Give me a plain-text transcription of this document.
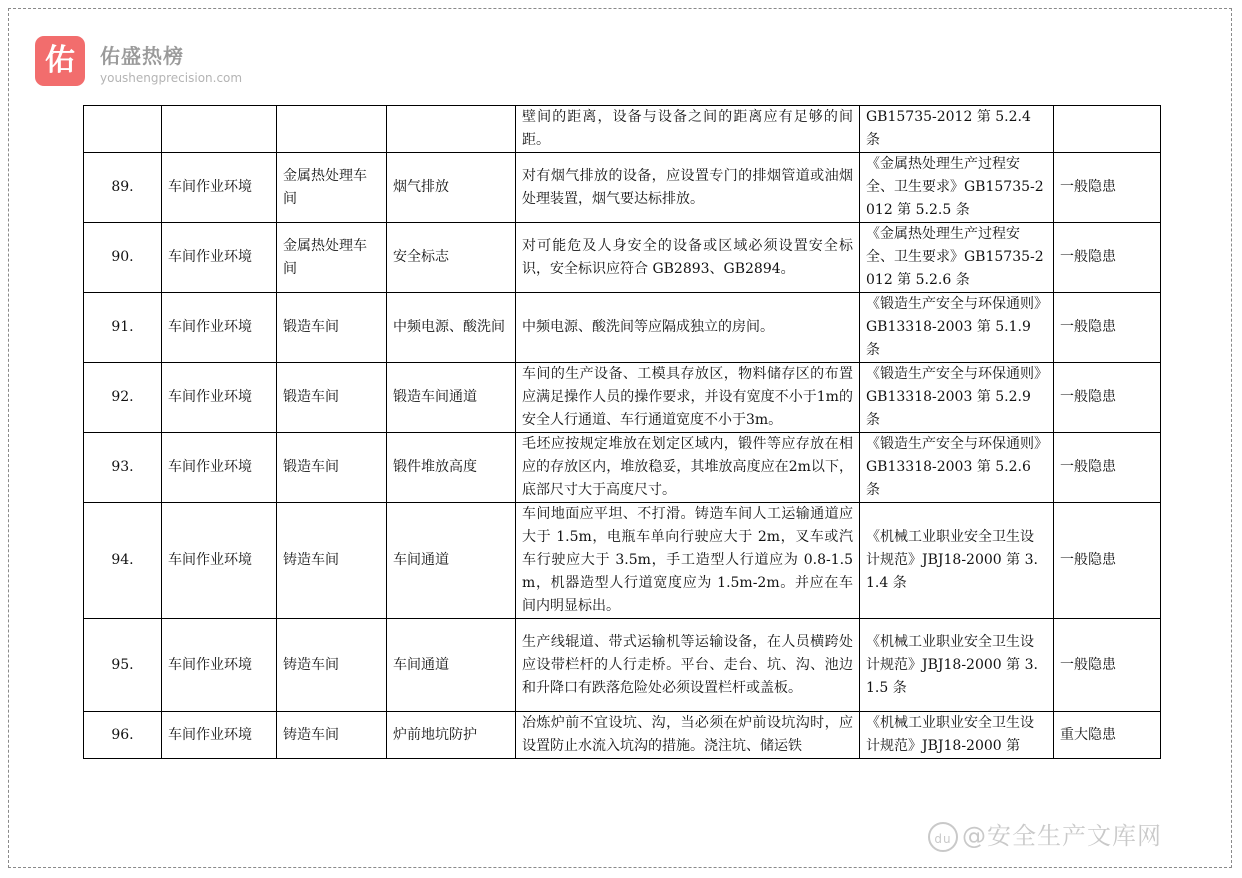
佑	佑盛热榜
youshengprecision.com
				壁间的距离，设备与设备之间的距离应有足够的间距。	GB15735-2012 第 5.2.4 条	
89.	车间作业环境	金属热处理车间	烟气排放	对有烟气排放的设备，应设置专门的排烟管道或油烟处理装置，烟气要达标排放。	《金属热处理生产过程安全、卫生要求》GB15735-2012 第 5.2.5 条	一般隐患
90.	车间作业环境	金属热处理车间	安全标志	对可能危及人身安全的设备或区域必须设置安全标识，安全标识应符合 GB2893、GB2894。	《金属热处理生产过程安全、卫生要求》GB15735-2012 第 5.2.6 条	一般隐患
91.	车间作业环境	锻造车间	中频电源、酸洗间	中频电源、酸洗间等应隔成独立的房间。	《锻造生产安全与环保通则》GB13318-2003 第 5.1.9 条	一般隐患
92.	车间作业环境	锻造车间	锻造车间通道	车间的生产设备、工模具存放区，物料储存区的布置应满足操作人员的操作要求，并设有宽度不小于1m的安全人行通道、车行通道宽度不小于3m。	《锻造生产安全与环保通则》GB13318-2003 第 5.2.9 条	一般隐患
93.	车间作业环境	锻造车间	锻件堆放高度	毛坯应按规定堆放在划定区域内，锻件等应存放在相应的存放区内，堆放稳妥，其堆放高度应在2m以下，底部尺寸大于高度尺寸。	《锻造生产安全与环保通则》GB13318-2003 第 5.2.6 条	一般隐患
94.	车间作业环境	铸造车间	车间通道	车间地面应平坦、不打滑。铸造车间人工运输通道应大于 1.5m，电瓶车单向行驶应大于 2m，叉车或汽车行驶应大于 3.5m，手工造型人行道应为 0.8-1.5m，机器造型人行道宽度应为 1.5m-2m。并应在车间内明显标出。	《机械工业职业安全卫生设计规范》JBJ18-2000 第 3.1.4 条	一般隐患
95.	车间作业环境	铸造车间	车间通道	生产线辊道、带式运输机等运输设备，在人员横跨处应设带栏杆的人行走桥。平台、走台、坑、沟、池边和升降口有跌落危险处必须设置栏杆或盖板。	《机械工业职业安全卫生设计规范》JBJ18-2000 第 3.1.5 条	一般隐患
96.	车间作业环境	铸造车间	炉前地坑防护	冶炼炉前不宜设坑、沟，当必须在炉前设坑沟时，应设置防止水流入坑沟的措施。浇注坑、储运铁	《机械工业职业安全卫生设计规范》JBJ18-2000 第	重大隐患
du @安全生产文库网
